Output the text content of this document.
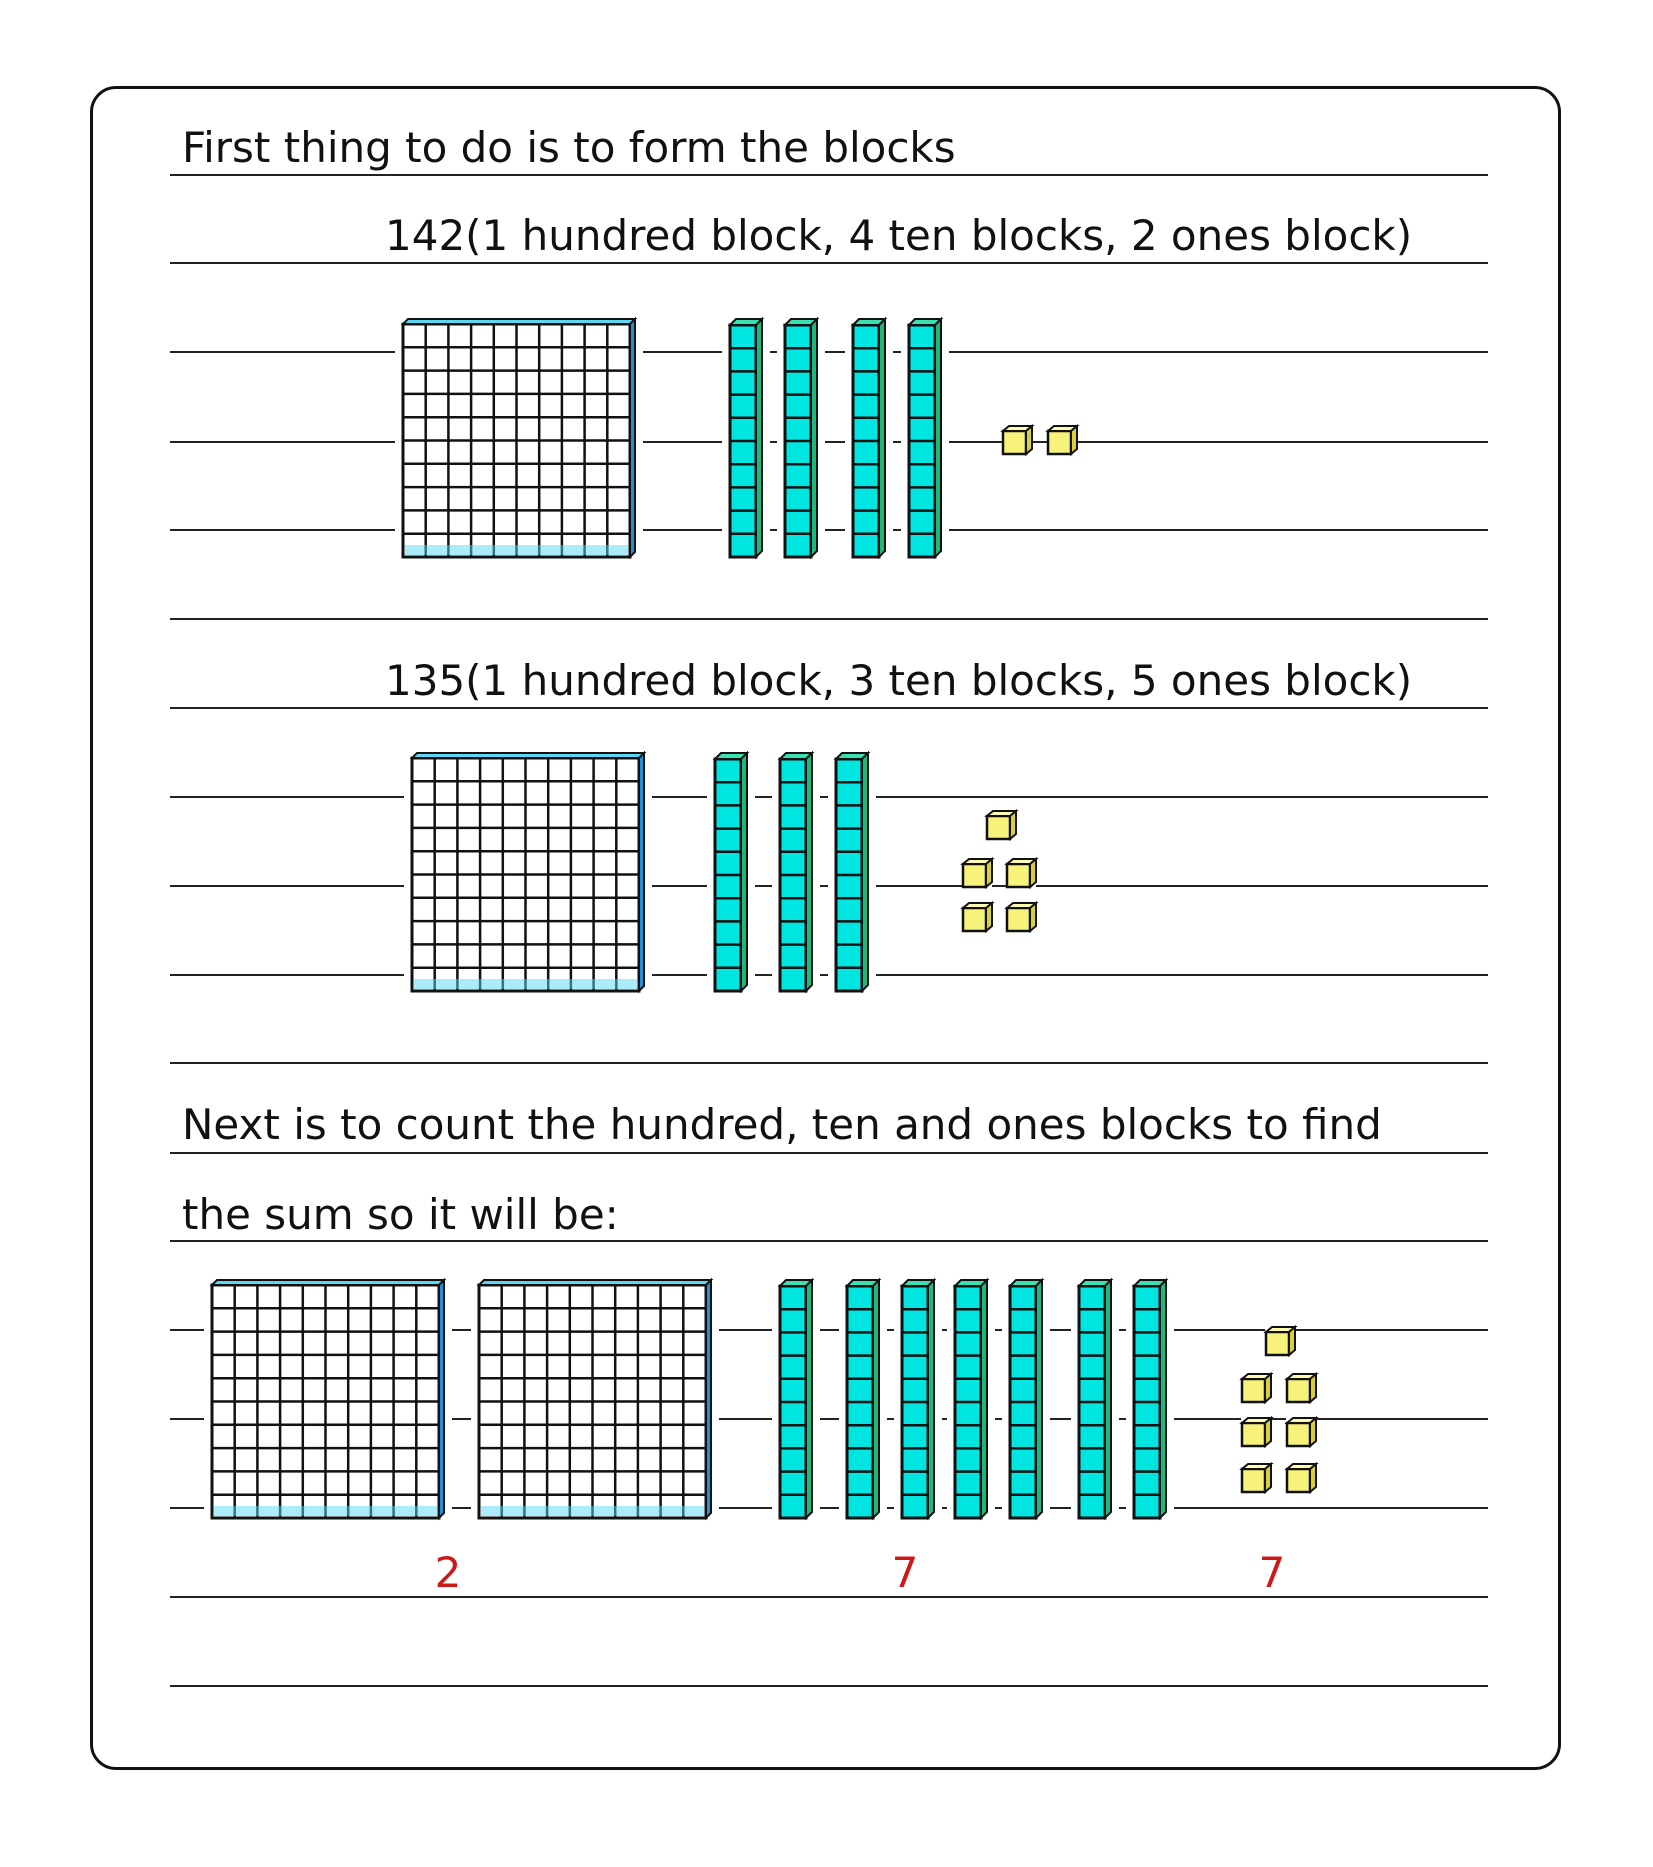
First thing to do is to form the blocks
142(1 hundred block, 4 ten blocks, 2 ones block)
135(1 hundred block, 3 ten blocks, 5 ones block)
Next is to count the hundred, ten and ones blocks to find
the sum so it will be:
2	7	7
